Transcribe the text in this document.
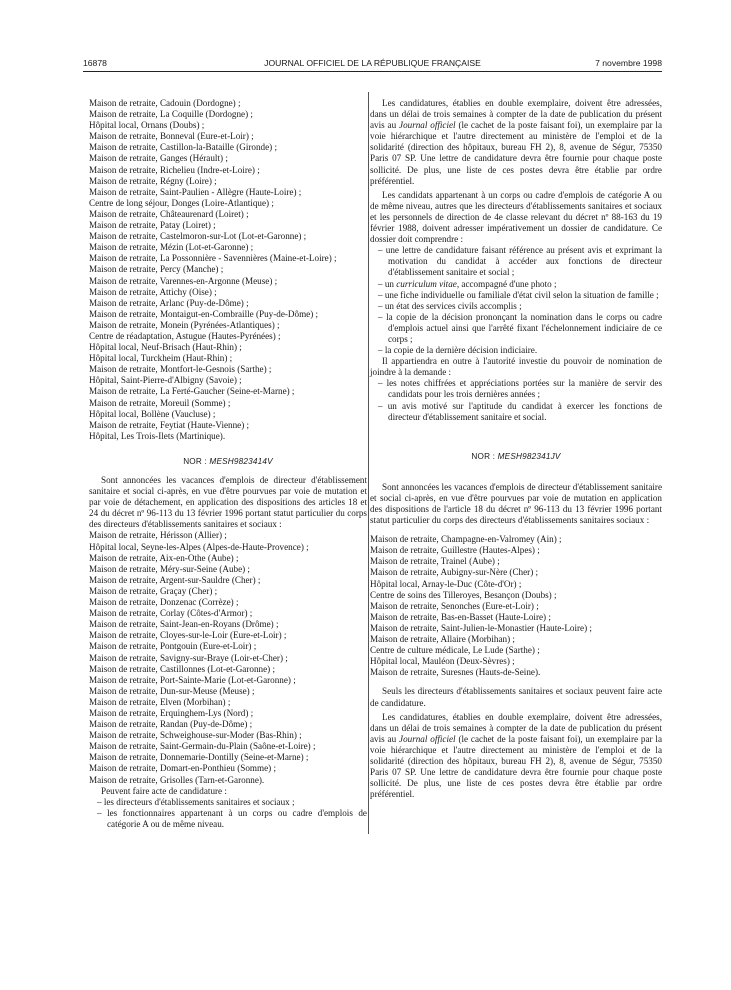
16878	JOURNAL OFFICIEL DE LA RÉPUBLIQUE FRANÇAISE	7 novembre 1998
Maison de retraite, Cadouin (Dordogne) ;
Maison de retraite, La Coquille (Dordogne) ;
Hôpital local, Ornans (Doubs) ;
Maison de retraite, Bonneval (Eure-et-Loir) ;
Maison de retraite, Castillon-la-Bataille (Gironde) ;
Maison de retraite, Ganges (Hérault) ;
Maison de retraite, Richelieu (Indre-et-Loire) ;
Maison de retraite, Régny (Loire) ;
Maison de retraite, Saint-Paulien - Allègre (Haute-Loire) ;
Centre de long séjour, Donges (Loire-Atlantique) ;
Maison de retraite, Châteaurenard (Loiret) ;
Maison de retraite, Patay (Loiret) ;
Maison de retraite, Castelmoron-sur-Lot (Lot-et-Garonne) ;
Maison de retraite, Mézin (Lot-et-Garonne) ;
Maison de retraite, La Possonnière - Savennières (Maine-et-Loire) ;
Maison de retraite, Percy (Manche) ;
Maison de retraite, Varennes-en-Argonne (Meuse) ;
Maison de retraite, Attichy (Oise) ;
Maison de retraite, Arlanc (Puy-de-Dôme) ;
Maison de retraite, Montaigut-en-Combraille (Puy-de-Dôme) ;
Maison de retraite, Monein (Pyrénées-Atlantiques) ;
Centre de réadaptation, Astugue (Hautes-Pyrénées) ;
Hôpital local, Neuf-Brisach (Haut-Rhin) ;
Hôpital local, Turckheim (Haut-Rhin) ;
Maison de retraite, Montfort-le-Gesnois (Sarthe) ;
Hôpital, Saint-Pierre-d'Albigny (Savoie) ;
Maison de retraite, La Ferté-Gaucher (Seine-et-Marne) ;
Maison de retraite, Moreuil (Somme) ;
Hôpital local, Bollène (Vaucluse) ;
Maison de retraite, Feytiat (Haute-Vienne) ;
Hôpital, Les Trois-Ilets (Martinique).
NOR : MESH9823414V

Sont annoncées les vacances d'emplois de directeur d'établissement sanitaire et social ci-après, en vue d'être pourvues par voie de mutation et par voie de détachement, en application des dispositions des articles 18 et 24 du décret nº 96-113 du 13 février 1996 portant statut particulier du corps des directeurs d'établissements sanitaires et sociaux :

Maison de retraite, Hérisson (Allier) ;
Hôpital local, Seyne-les-Alpes (Alpes-de-Haute-Provence) ;
Maison de retraite, Aix-en-Othe (Aube) ;
Maison de retraite, Méry-sur-Seine (Aube) ;
Maison de retraite, Argent-sur-Sauldre (Cher) ;
Maison de retraite, Graçay (Cher) ;
Maison de retraite, Donzenac (Corrèze) ;
Maison de retraite, Corlay (Côtes-d'Armor) ;
Maison de retraite, Saint-Jean-en-Royans (Drôme) ;
Maison de retraite, Cloyes-sur-le-Loir (Eure-et-Loir) ;
Maison de retraite, Pontgouin (Eure-et-Loir) ;
Maison de retraite, Savigny-sur-Braye (Loir-et-Cher) ;
Maison de retraite, Castillonnes (Lot-et-Garonne) ;
Maison de retraite, Port-Sainte-Marie (Lot-et-Garonne) ;
Maison de retraite, Dun-sur-Meuse (Meuse) ;
Maison de retraite, Elven (Morbihan) ;
Maison de retraite, Erquinghem-Lys (Nord) ;
Maison de retraite, Randan (Puy-de-Dôme) ;
Maison de retraite, Schweighouse-sur-Moder (Bas-Rhin) ;
Maison de retraite, Saint-Germain-du-Plain (Saône-et-Loire) ;
Maison de retraite, Donnemarie-Dontilly (Seine-et-Marne) ;
Maison de retraite, Domart-en-Ponthieu (Somme) ;
Maison de retraite, Grisolles (Tarn-et-Garonne).

Peuvent faire acte de candidature :

– les directeurs d'établissements sanitaires et sociaux ;
– les fonctionnaires appartenant à un corps ou cadre d'emplois de catégorie A ou de même niveau.

Les candidatures, établies en double exemplaire, doivent être adressées, dans un délai de trois semaines à compter de la date de publication du présent avis au Journal officiel (le cachet de la poste faisant foi), un exemplaire par la voie hiérarchique et l'autre directement au ministère de l'emploi et de la solidarité (direction des hôpitaux, bureau FH 2), 8, avenue de Ségur, 75350 Paris 07 SP. Une lettre de candidature devra être fournie pour chaque poste sollicité. De plus, une liste de ces postes devra être établie par ordre préférentiel.

Les candidats appartenant à un corps ou cadre d'emplois de catégorie A ou de même niveau, autres que les directeurs d'établissements sanitaires et sociaux et les personnels de direction de 4e classe relevant du décret nº 88-163 du 19 février 1988, doivent adresser impérativement un dossier de candidature. Ce dossier doit comprendre :

– une lettre de candidature faisant référence au présent avis et exprimant la motivation du candidat à accéder aux fonctions de directeur d'établissement sanitaire et social ;
– un curriculum vitae, accompagné d'une photo ;
– une fiche individuelle ou familiale d'état civil selon la situation de famille ;
– un état des services civils accomplis ;
– la copie de la décision prononçant la nomination dans le corps ou cadre d'emplois actuel ainsi que l'arrêté fixant l'échelonnement indiciaire de ce corps ;
– la copie de la dernière décision indiciaire.

Il appartiendra en outre à l'autorité investie du pouvoir de nomination de joindre à la demande :

– les notes chiffrées et appréciations portées sur la manière de servir des candidats pour les trois dernières années ;
– un avis motivé sur l'aptitude du candidat à exercer les fonctions de directeur d'établissement sanitaire et social.
NOR : MESH982341JV

Sont annoncées les vacances d'emplois de directeur d'établissement sanitaire et social ci-après, en vue d'être pourvues par voie de mutation en application des dispositions de l'article 18 du décret nº 96-113 du 13 février 1996 portant statut particulier du corps des directeurs d'établissements sanitaires sociaux :

Maison de retraite, Champagne-en-Valromey (Ain) ;
Maison de retraite, Guillestre (Hautes-Alpes) ;
Maison de retraite, Trainel (Aube) ;
Maison de retraite, Aubigny-sur-Nère (Cher) ;
Hôpital local, Arnay-le-Duc (Côte-d'Or) ;
Centre de soins des Tilleroyes, Besançon (Doubs) ;
Maison de retraite, Senonches (Eure-et-Loir) ;
Maison de retraite, Bas-en-Basset (Haute-Loire) ;
Maison de retraite, Saint-Julien-le-Monastier (Haute-Loire) ;
Maison de retraite, Allaire (Morbihan) ;
Centre de culture médicale, Le Lude (Sarthe) ;
Hôpital local, Mauléon (Deux-Sèvres) ;
Maison de retraite, Suresnes (Hauts-de-Seine).

Seuls les directeurs d'établissements sanitaires et sociaux peuvent faire acte de candidature.

Les candidatures, établies en double exemplaire, doivent être adressées, dans un délai de trois semaines à compter de la date de publication du présent avis au Journal officiel (le cachet de la poste faisant foi), un exemplaire par la voie hiérarchique et l'autre directement au ministère de l'emploi et de la solidarité (direction des hôpitaux, bureau FH 2), 8, avenue de Ségur, 75350 Paris 07 SP. Une lettre de candidature devra être fournie pour chaque poste sollicité. De plus, une liste de ces postes devra être établie par ordre préférentiel.
